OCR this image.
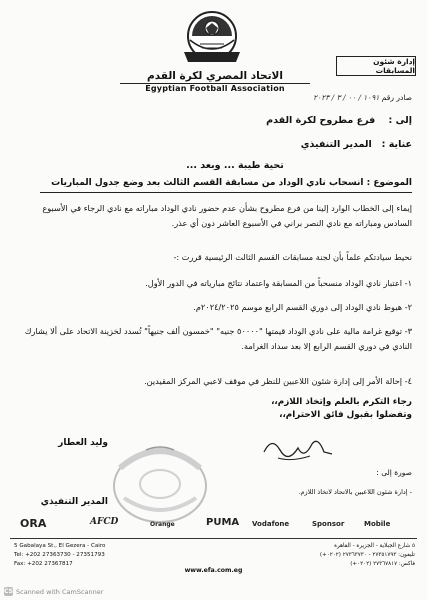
إدارة شئون المسابقات
الاتحاد المصري لكرة القدم
Egyptian Football Association
صادر رقم ١٠٩١ / ٠٠ / ٣ / ٢٠٢٣
إلى :    فرع مطروح لكرة القدم
عناية :   المدير التنفيذي
تحية طيبة ... وبعد ...
الموضوع : انسحاب نادي الوداد من مسابقة القسم الثالث بعد وضع جدول المباريات
إيماء إلى الخطاب الوارد إلينا من فرع مطروح بشأن عدم حضور نادي الوداد مباراته مع نادي الرجاء في الأسبوع السادس ومباراته مع نادي النصر براني في الأسبوع العاشر دون أي عذر.
نحيط سيادتكم علماً بأن لجنة مسابقات القسم الثالث الرئيسية قررت :-
١- اعتبار نادي الوداد منسحباً من المسابقة واعتماد نتائج مبارياته في الدور الأول.
٢- هبوط نادي الوداد إلى دوري القسم الرابع موسم ٢٠٢٤/٢٠٢٥م.
٣- توقيع غرامة مالية على نادي الوداد قيمتها "٥٠٠٠٠ جنيه" "خمسون ألف جنيهاً" تُسدد لخزينة الاتحاد على ألا يشارك النادي في دوري القسم الرابع إلا بعد سداد الغرامة.
٤- إحالة الأمر إلى إدارة شئون اللاعبين للنظر في موقف لاعبي المركز المقيدين.
رجاء التكرم بالعلم وإتخاذ اللازم،،
وتفضلوا بقبول فائق الاحترام،،
وليد العطار
المدير التنفيذي
صورة إلى :
- إدارة شئون اللاعبين بالاتحاد لاتخاذ اللازم.
ORA	AFCD	Orange	PUMA Vodafone	Sponsor	Mobile
5 Gabalaya St., El Gezera - Cairo
Tel: +202 27363730 - 27351793
Fax: +202 27367817
٥ شارع الجبلاية - الجزيرة - القاهرة
تليفون: ٢٧٣٥١٧٩٣ - ٢٧٣٦٣٧٣٠ (٠٢٠٢+)
فاكس: ٢٧٣٦٧٨١٧ (٠٢٠٢+)
www.efa.com.eg
CS Scanned with CamScanner
